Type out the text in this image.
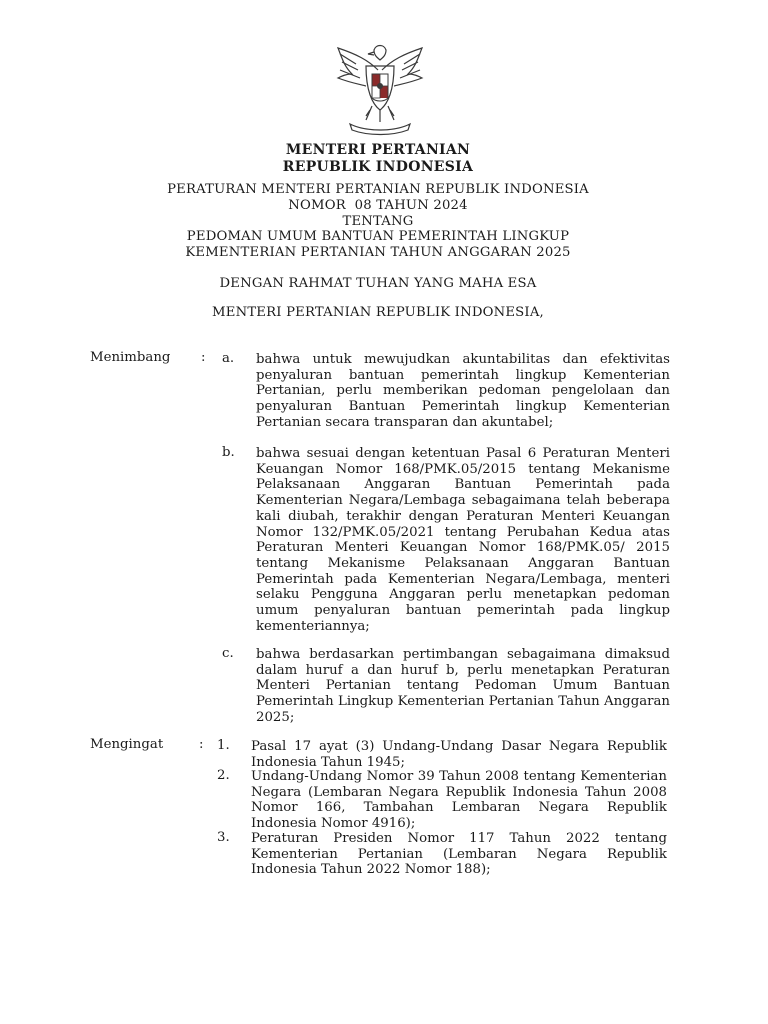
MENTERI PERTANIAN
REPUBLIK INDONESIA
PERATURAN MENTERI PERTANIAN REPUBLIK INDONESIA
NOMOR  08 TAHUN 2024
TENTANG
PEDOMAN UMUM BANTUAN PEMERINTAH LINGKUP
KEMENTERIAN PERTANIAN TAHUN ANGGARAN 2025
DENGAN RAHMAT TUHAN YANG MAHA ESA
MENTERI PERTANIAN REPUBLIK INDONESIA,
Menimbang : a. bahwa untuk mewujudkan akuntabilitas dan efektivitas penyaluran bantuan pemerintah lingkup Kementerian Pertanian, perlu memberikan pedoman pengelolaan dan penyaluran Bantuan Pemerintah lingkup Kementerian Pertanian secara transparan dan akuntabel;
b. bahwa sesuai dengan ketentuan Pasal 6 Peraturan Menteri Keuangan Nomor 168/PMK.05/2015 tentang Mekanisme Pelaksanaan Anggaran Bantuan Pemerintah pada Kementerian Negara/Lembaga sebagaimana telah beberapa kali diubah, terakhir dengan Peraturan Menteri Keuangan Nomor 132/PMK.05/2021 tentang Perubahan Kedua atas Peraturan Menteri Keuangan Nomor 168/PMK.05/ 2015 tentang Mekanisme Pelaksanaan Anggaran Bantuan Pemerintah pada Kementerian Negara/Lembaga, menteri selaku Pengguna Anggaran perlu menetapkan pedoman umum penyaluran bantuan pemerintah pada lingkup kementeriannya;
c. bahwa berdasarkan pertimbangan sebagaimana dimaksud dalam huruf a dan huruf b, perlu menetapkan Peraturan Menteri Pertanian tentang Pedoman Umum Bantuan Pemerintah Lingkup Kementerian Pertanian Tahun Anggaran 2025;
Mengingat	: 1. Pasal 17 ayat (3) Undang-Undang Dasar Negara Republik Indonesia Tahun 1945;
2. Undang-Undang Nomor 39 Tahun 2008 tentang Kementerian Negara (Lembaran Negara Republik Indonesia Tahun 2008 Nomor 166, Tambahan Lembaran Negara Republik Indonesia Nomor 4916);
3. Peraturan Presiden Nomor 117 Tahun 2022 tentang Kementerian Pertanian (Lembaran Negara Republik Indonesia Tahun 2022 Nomor 188);
